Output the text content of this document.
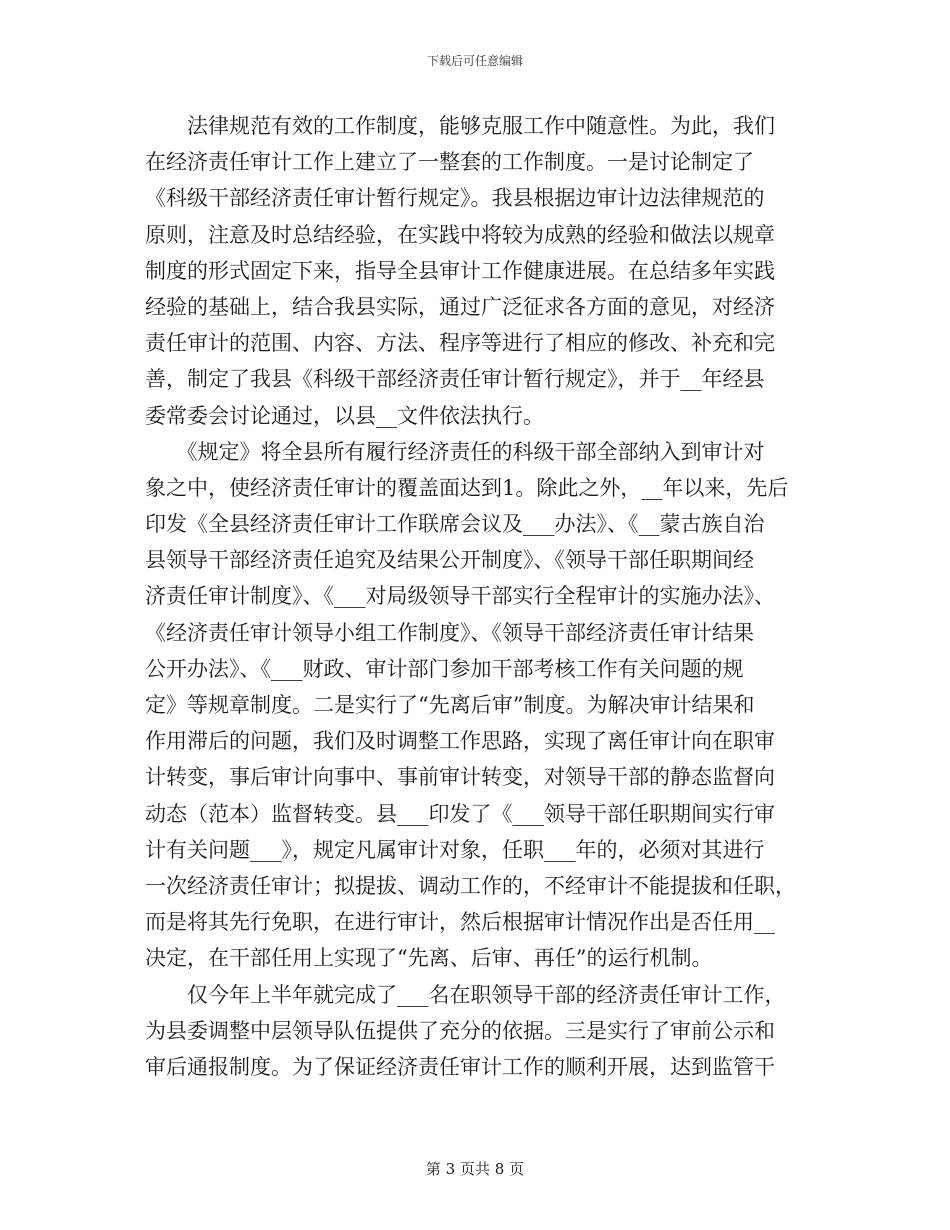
下载后可任意编辑
　　法律规范有效的工作制度，能够克服工作中随意性。为此，我们
在经济责任审计工作上建立了一整套的工作制度。一是讨论制定了
《科级干部经济责任审计暂行规定》。我县根据边审计边法律规范的
原则，注意及时总结经验，在实践中将较为成熟的经验和做法以规章
制度的形式固定下来，指导全县审计工作健康进展。在总结多年实践
经验的基础上，结合我县实际，通过广泛征求各方面的意见，对经济
责任审计的范围、内容、方法、程序等进行了相应的修改、补充和完
善，制定了我县《科级干部经济责任审计暂行规定》，并于__年经县
委常委会讨论通过，以县__文件依法执行。
　　《规定》将全县所有履行经济责任的科级干部全部纳入到审计对
象之中，使经济责任审计的覆盖面达到1。除此之外，__年以来，先后
印发《全县经济责任审计工作联席会议及___办法》、《__蒙古族自治
县领导干部经济责任追究及结果公开制度》、《领导干部任职期间经
济责任审计制度》、《___对局级领导干部实行全程审计的实施办法》、
《经济责任审计领导小组工作制度》、《领导干部经济责任审计结果
公开办法》、《___财政、审计部门参加干部考核工作有关问题的规
定》等规章制度。二是实行了“先离后审”制度。为解决审计结果和
作用滞后的问题，我们及时调整工作思路，实现了离任审计向在职审
计转变，事后审计向事中、事前审计转变，对领导干部的静态监督向
动态（范本）监督转变。县___印发了《___领导干部任职期间实行审
计有关问题___》，规定凡属审计对象，任职___年的，必须对其进行
一次经济责任审计；拟提拔、调动工作的，不经审计不能提拔和任职，
而是将其先行免职，在进行审计，然后根据审计情况作出是否任用__
决定，在干部任用上实现了“先离、后审、再任”的运行机制。
　　仅今年上半年就完成了___名在职领导干部的经济责任审计工作，
为县委调整中层领导队伍提供了充分的依据。三是实行了审前公示和
审后通报制度。为了保证经济责任审计工作的顺利开展，达到监管干
第 3 页共 8 页
